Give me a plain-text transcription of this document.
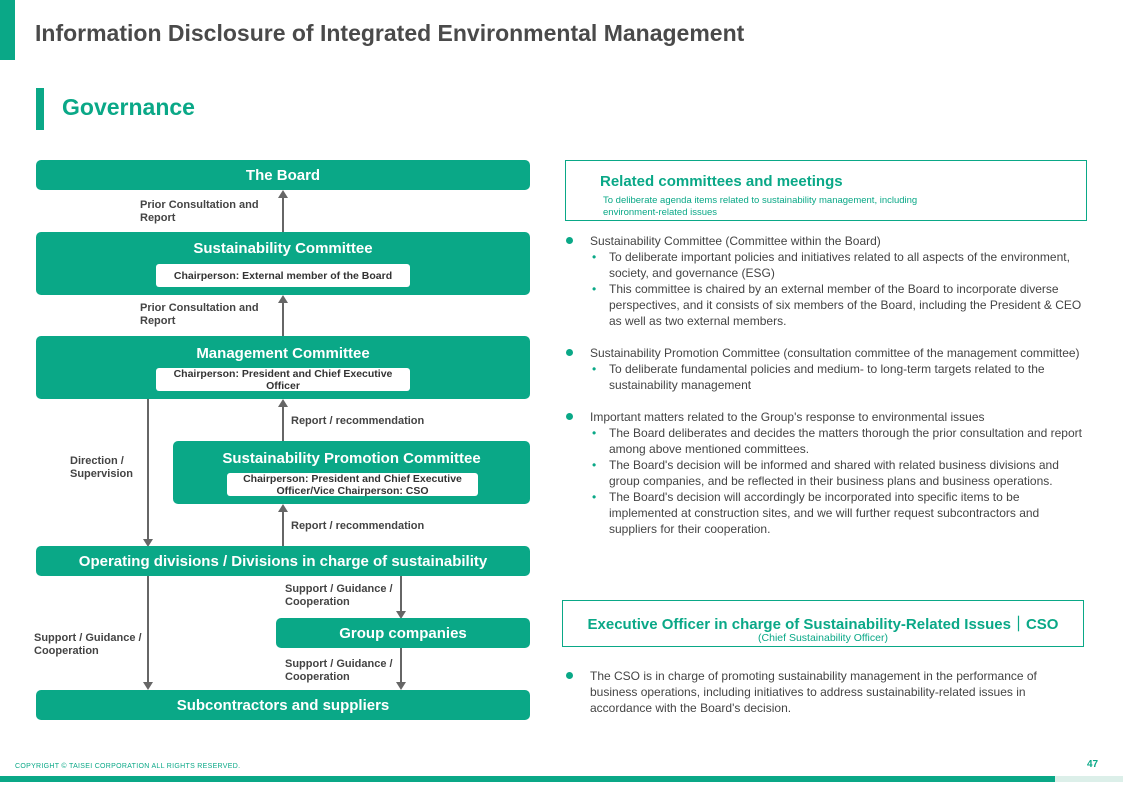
Information Disclosure of Integrated Environmental Management
Governance
The Board
Prior Consultation and Report
Sustainability Committee
Chairperson: External member of the Board
Prior Consultation and Report
Management Committee
Chairperson: President and Chief Executive Officer
Direction / Supervision
Report / recommendation
Sustainability Promotion Committee
Chairperson: President and Chief Executive Officer/Vice Chairperson: CSO
Report / recommendation
Operating divisions / Divisions in charge of sustainability
Support / Guidance / Cooperation
Group companies
Support / Guidance / Cooperation
Support / Guidance / Cooperation
Subcontractors and suppliers
Related committees and meetings
To deliberate agenda items related to sustainability management, including environment-related issues
Sustainability Committee (Committee within the Board)
• To deliberate important policies and initiatives related to all aspects of the environment, society, and governance (ESG)
• This committee is chaired by an external member of the Board to incorporate diverse perspectives, and it consists of six members of the Board, including the President & CEO as well as two external members.
Sustainability Promotion Committee (consultation committee of the management committee)
• To deliberate fundamental policies and medium- to long-term targets related to the sustainability management
Important matters related to the Group's response to environmental issues
• The Board deliberates and decides the matters thorough the prior consultation and report among above mentioned committees.
• The Board's decision will be informed and shared with related business divisions and group companies, and be reflected in their business plans and business operations.
• The Board's decision will accordingly be incorporated into specific items to be implemented at construction sites, and we will further request subcontractors and suppliers for their cooperation.
Executive Officer in charge of Sustainability-Related Issues｜CSO
(Chief Sustainability Officer)
The CSO is in charge of promoting sustainability management in the performance of business operations, including initiatives to address sustainability-related issues in accordance with the Board's decision.
COPYRIGHT © TAISEI CORPORATION ALL RIGHTS RESERVED.	47
